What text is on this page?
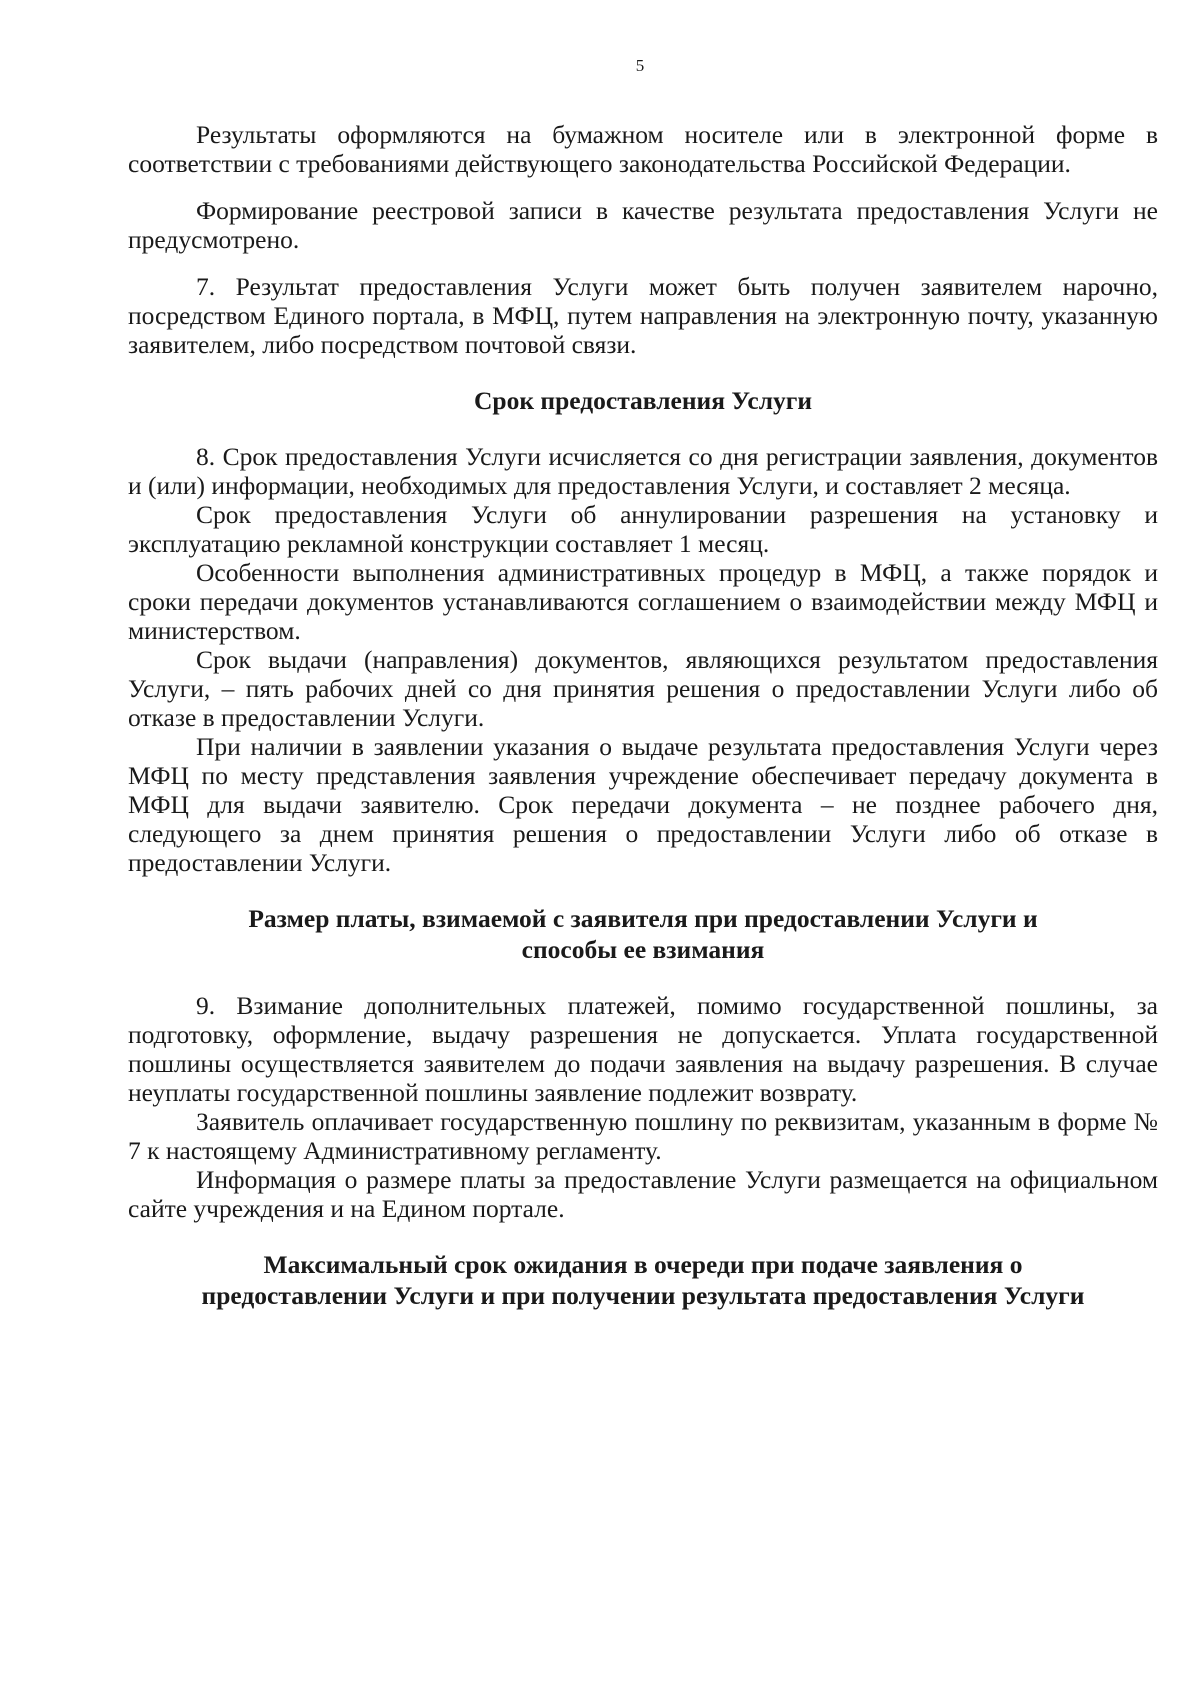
5

Результаты оформляются на бумажном носителе или в электронной форме в соответствии с требованиями действующего законодательства Российской Федерации.

Формирование реестровой записи в качестве результата предоставления Услуги не предусмотрено.

7. Результат предоставления Услуги может быть получен заявителем нарочно, посредством Единого портала, в МФЦ, путем направления на электронную почту, указанную заявителем, либо посредством почтовой связи.

Срок предоставления Услуги

8. Срок предоставления Услуги исчисляется со дня регистрации заявления, документов и (или) информации, необходимых для предоставления Услуги, и составляет 2 месяца.

Срок предоставления Услуги об аннулировании разрешения на установку и эксплуатацию рекламной конструкции составляет 1 месяц.

Особенности выполнения административных процедур в МФЦ, а также порядок и сроки передачи документов устанавливаются соглашением о взаимодействии между МФЦ и министерством.

Срок выдачи (направления) документов, являющихся результатом предоставления Услуги, – пять рабочих дней со дня принятия решения о предоставлении Услуги либо об отказе в предоставлении Услуги.

При наличии в заявлении указания о выдаче результата предоставления Услуги через МФЦ по месту представления заявления учреждение обеспечивает передачу документа в МФЦ для выдачи заявителю. Срок передачи документа – не позднее рабочего дня, следующего за днем принятия решения о предоставлении Услуги либо об отказе в предоставлении Услуги.

Размер платы, взимаемой с заявителя при предоставлении Услуги и

способы ее взимания

9. Взимание дополнительных платежей, помимо государственной пошлины, за подготовку, оформление, выдачу разрешения не допускается. Уплата государственной пошлины осуществляется заявителем до подачи заявления на выдачу разрешения. В случае неуплаты государственной пошлины заявление подлежит возврату.

Заявитель оплачивает государственную пошлину по реквизитам, указанным в форме № 7 к настоящему Административному регламенту.

Информация о размере платы за предоставление Услуги размещается на официальном сайте учреждения и на Едином портале.

Максимальный срок ожидания в очереди при подаче заявления о

предоставлении Услуги и при получении результата предоставления Услуги
